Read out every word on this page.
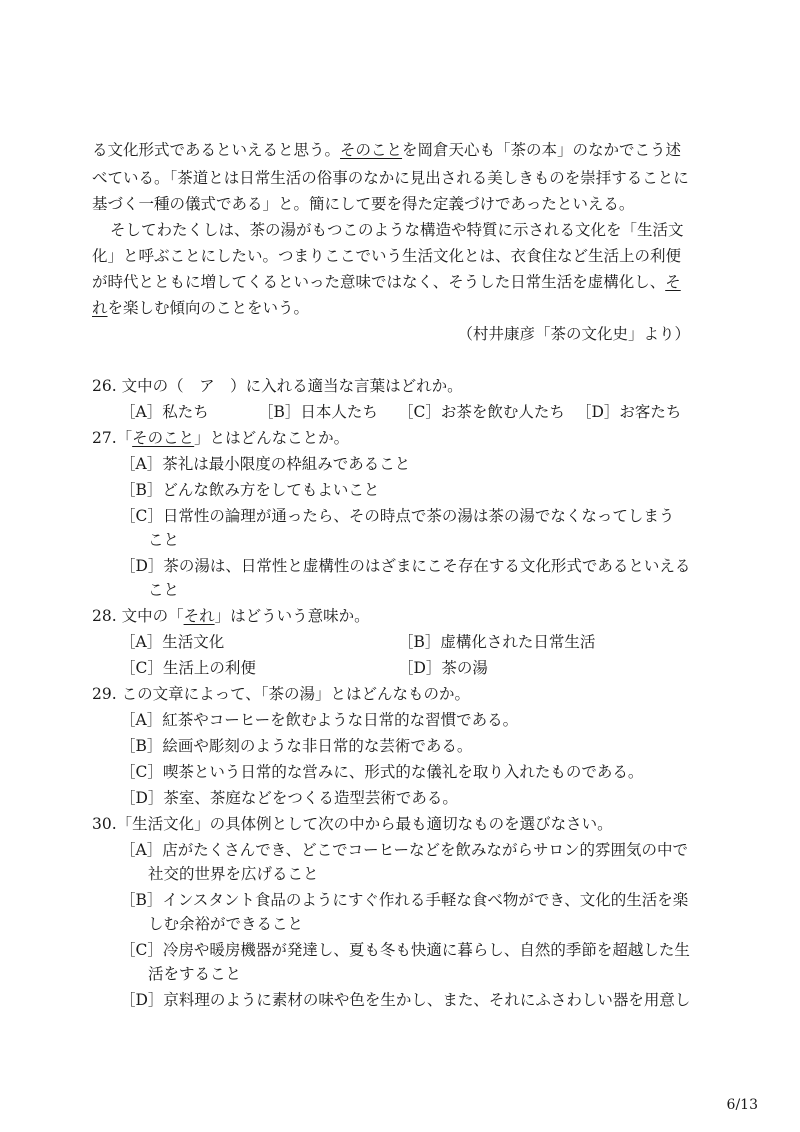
る文化形式であるといえると思う。そのことを岡倉天心も「茶の本」のなかでこう述
べている。「茶道とは日常生活の俗事のなかに見出される美しきものを崇拝することに
基づく一種の儀式である」と。簡にして要を得た定義づけであったといえる。
そしてわたくしは、茶の湯がもつこのような構造や特質に示される文化を「生活文
化」と呼ぶことにしたい。つまりここでいう生活文化とは、衣食住など生活上の利便
が時代とともに増してくるといった意味ではなく、そうした日常生活を虚構化し、そ
れを楽しむ傾向のことをいう。
（村井康彦「茶の文化史」より）
26. 文中の（　ア　）に入れる適当な言葉はどれか。
［A］私たち	［B］日本人たち ［C］お茶を飲む人たち ［D］お客たち
27.「そのこと」とはどんなことか。
［A］茶礼は最小限度の枠組みであること
［B］どんな飲み方をしてもよいこと
［C］日常性の論理が通ったら、その時点で茶の湯は茶の湯でなくなってしまう
こと
［D］茶の湯は、日常性と虚構性のはざまにこそ存在する文化形式であるといえる
こと
28. 文中の「それ」はどういう意味か。
［A］生活文化	［B］虚構化された日常生活
［C］生活上の利便	［D］茶の湯
29. この文章によって、「茶の湯」とはどんなものか。
［A］紅茶やコーヒーを飲むような日常的な習慣である。
［B］絵画や彫刻のような非日常的な芸術である。
［C］喫茶という日常的な営みに、形式的な儀礼を取り入れたものである。
［D］茶室、茶庭などをつくる造型芸術である。
30.「生活文化」の具体例として次の中から最も適切なものを選びなさい。
［A］店がたくさんでき、どこでコーヒーなどを飲みながらサロン的雰囲気の中で
社交的世界を広げること
［B］インスタント食品のようにすぐ作れる手軽な食べ物ができ、文化的生活を楽
しむ余裕ができること
［C］冷房や暖房機器が発達し、夏も冬も快適に暮らし、自然的季節を超越した生
活をすること
［D］京料理のように素材の味や色を生かし、また、それにふさわしい器を用意し
6/13
